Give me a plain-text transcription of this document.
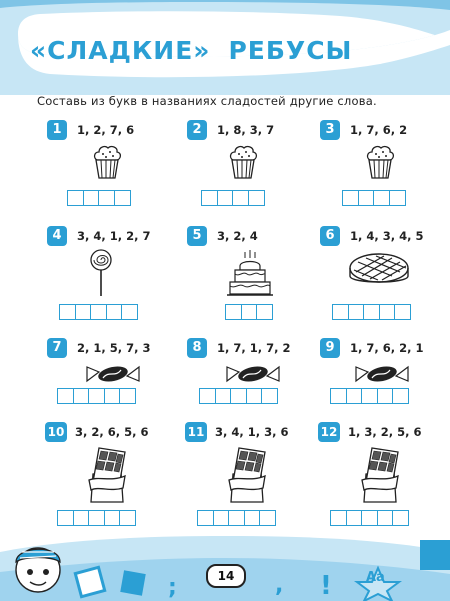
«СЛАДКИЕ» РЕБУСЫ
Составь из букв в названиях сладостей другие слова.
1	1, 2, 7, 6	2	1, 8, 3, 7	3	1, 7, 6, 2
4	3, 4, 1, 2, 7	5	3, 2, 4	6	1, 4, 3, 4, 5
7	2, 1, 5, 7, 3	8	1, 7, 1, 7, 2	9	1, 7, 6, 2, 1
10 3, 2, 6, 5, 6	11 3, 4, 1, 3, 6	12 1, 3, 2, 5, 6
;	, !
14	Aa
